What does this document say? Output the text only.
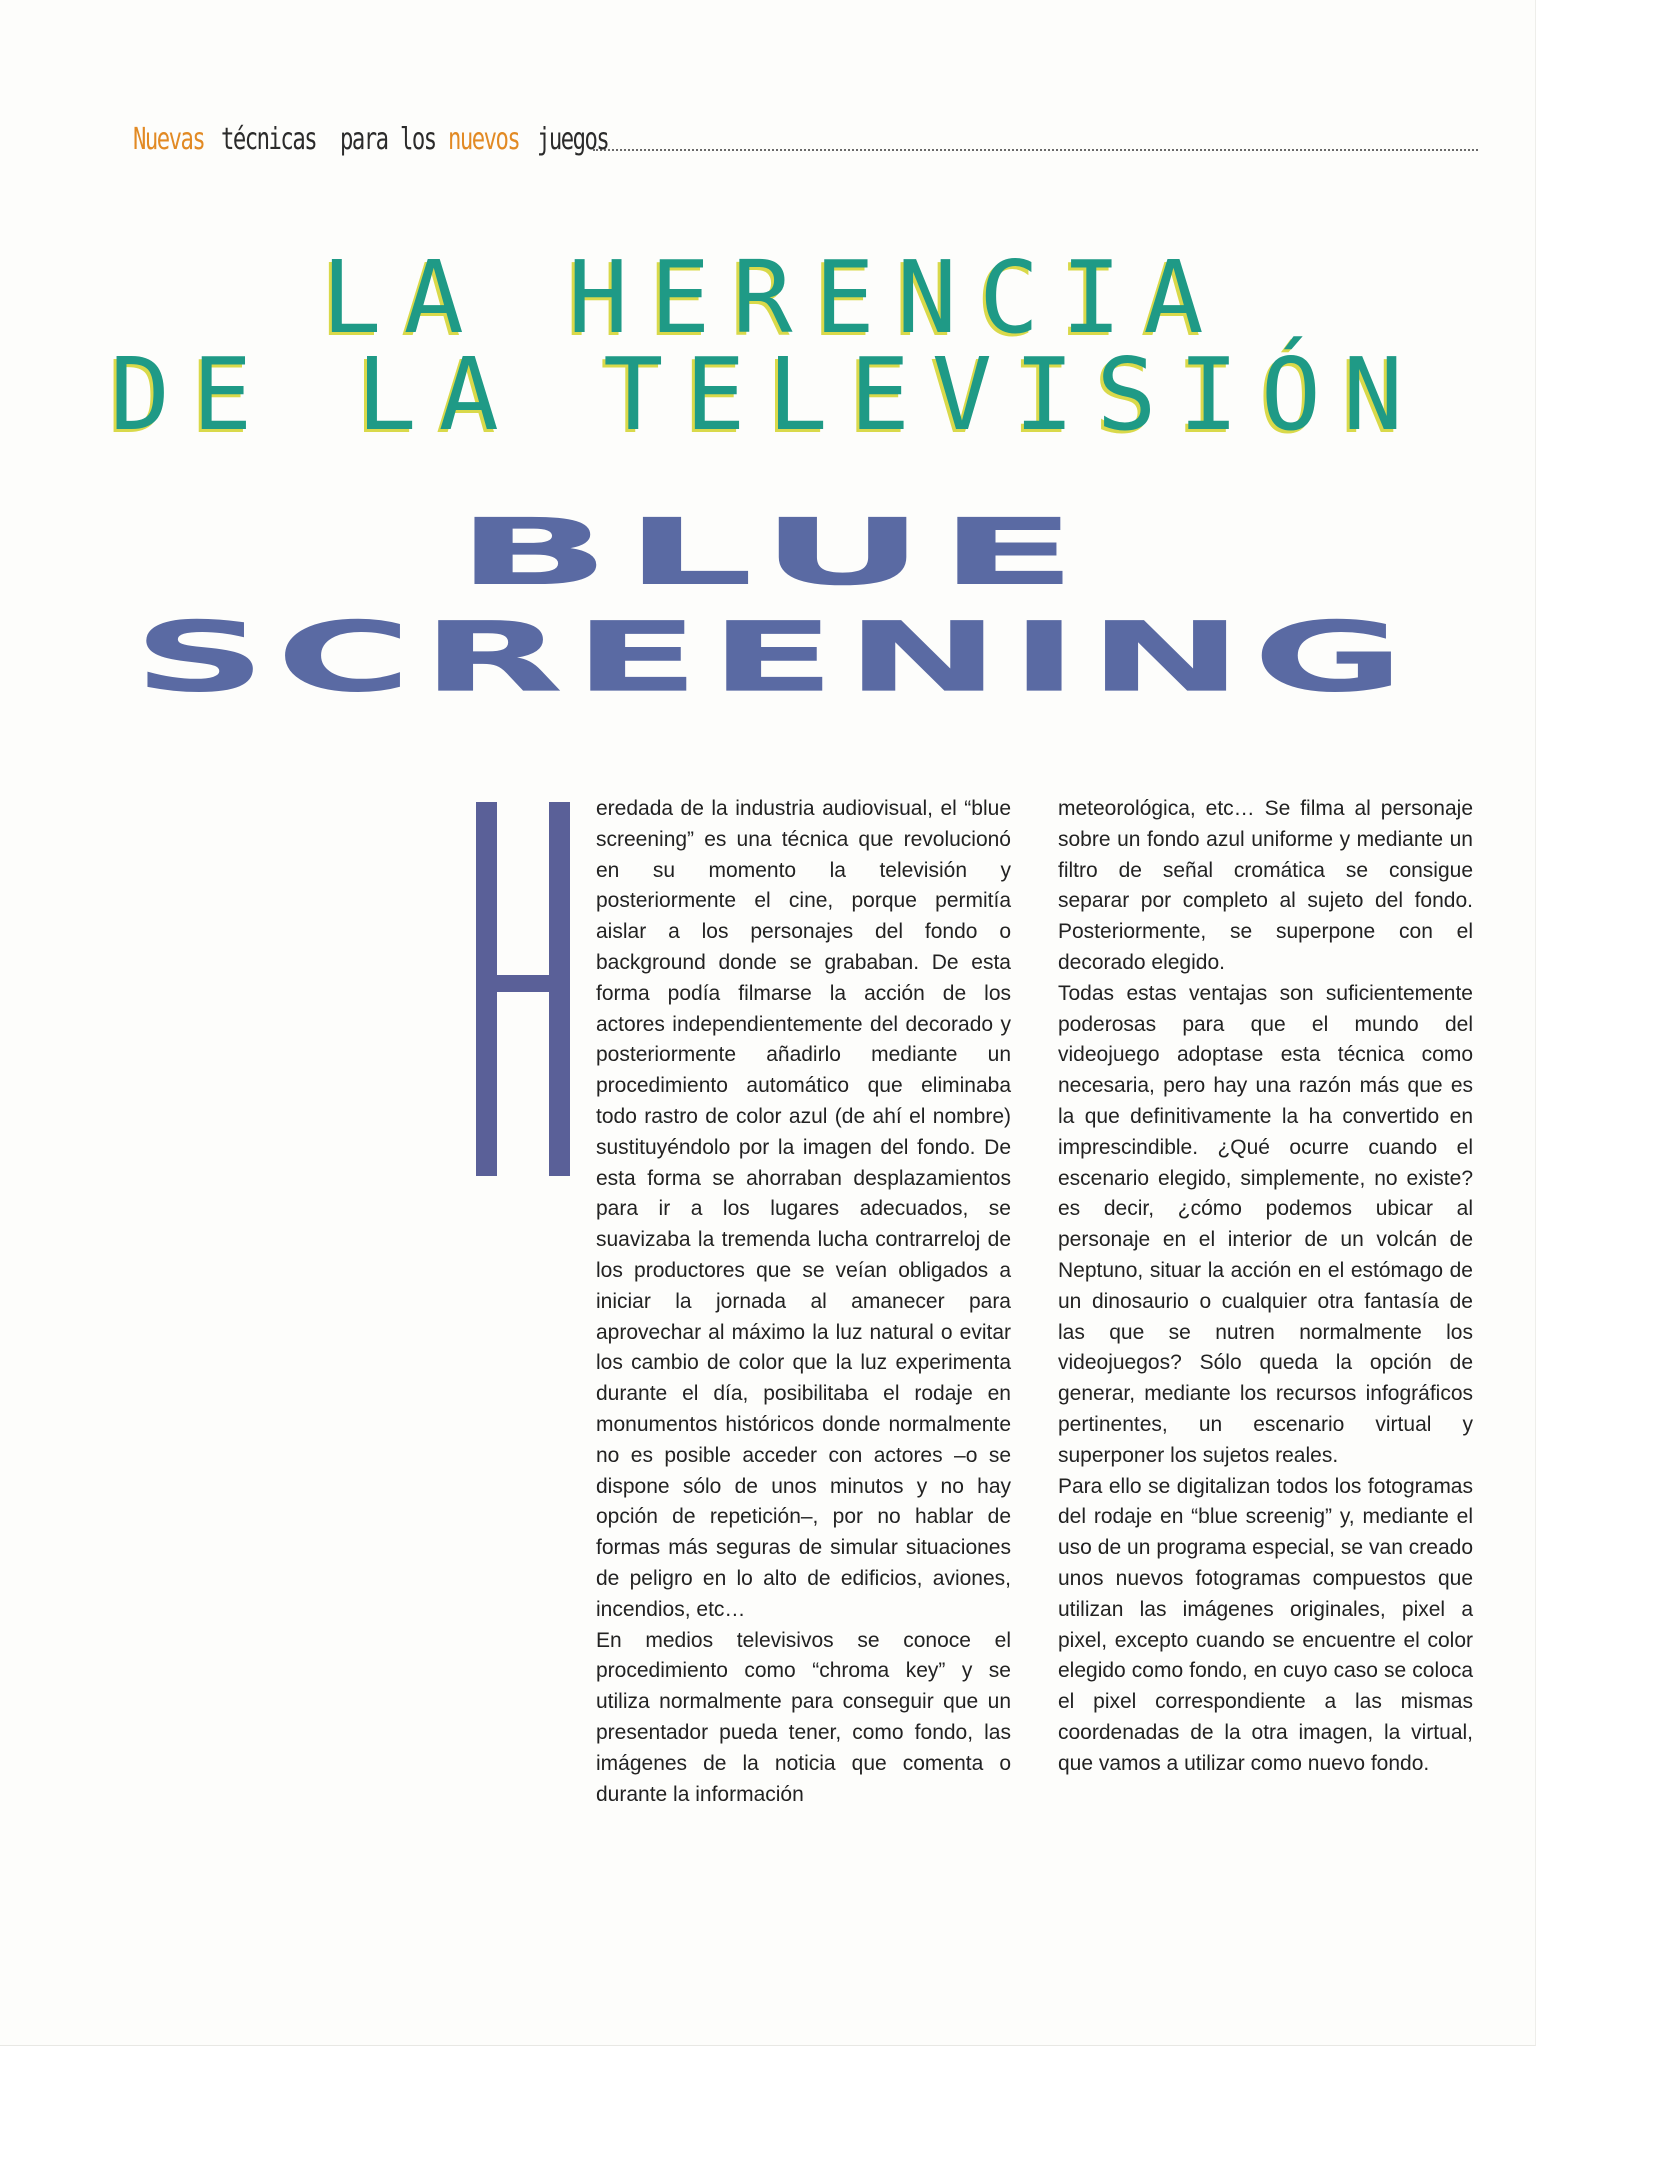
Nuevas técnicas para los nuevos juegos
LA HERENCIA
DE LA TELEVISIÓN
BLUE
SCREENING

eredada de la industria audiovisual, el “blue screening” es una técnica que revolucionó en su momento la televisión y posteriormente el cine, porque permitía aislar a los personajes del fondo o background donde se grababan. De esta forma podía filmarse la acción de los actores independientemente del decorado y posteriormente añadirlo mediante un procedimiento automático que eliminaba todo rastro de color azul (de ahí el nombre) sustituyéndolo por la imagen del fondo. De esta forma se ahorraban desplazamientos para ir a los lugares adecuados, se suavizaba la tremenda lucha contrarreloj de los productores que se veían obligados a iniciar la jornada al amanecer para aprovechar al máximo la luz natural o evitar los cambio de color que la luz experimenta durante el día, posibilitaba el rodaje en monumentos históricos donde normalmente no es posible acceder con actores –o se dispone sólo de unos minutos y no hay opción de repetición–, por no hablar de formas más seguras de simular situaciones de peligro en lo alto de edificios, aviones, incendios, etc…

En medios televisivos se conoce el procedimiento como “chroma key” y se utiliza normalmente para conseguir que un presentador pueda tener, como fondo, las imágenes de la noticia que comenta o durante la información

meteorológica, etc… Se filma al personaje sobre un fondo azul uniforme y mediante un filtro de señal cromática se consigue separar por completo al sujeto del fondo. Posteriormente, se superpone con el decorado elegido.

Todas estas ventajas son suficientemente poderosas para que el mundo del videojuego adoptase esta técnica como necesaria, pero hay una razón más que es la que definitivamente la ha convertido en imprescindible. ¿Qué ocurre cuando el escenario elegido, simplemente, no existe? es decir, ¿cómo podemos ubicar al personaje en el interior de un volcán de Neptuno, situar la acción en el estómago de un dinosaurio o cualquier otra fantasía de las que se nutren normalmente los videojuegos? Sólo queda la opción de generar, mediante los recursos infográficos pertinentes, un escenario virtual y superponer los sujetos reales.

Para ello se digitalizan todos los fotogramas del rodaje en “blue screenig” y, mediante el uso de un programa especial, se van creado unos nuevos fotogramas compuestos que utilizan las imágenes originales, pixel a pixel, excepto cuando se encuentre el color elegido como fondo, en cuyo caso se coloca el pixel correspondiente a las mismas coordenadas de la otra imagen, la virtual, que vamos a utilizar como nuevo fondo.
